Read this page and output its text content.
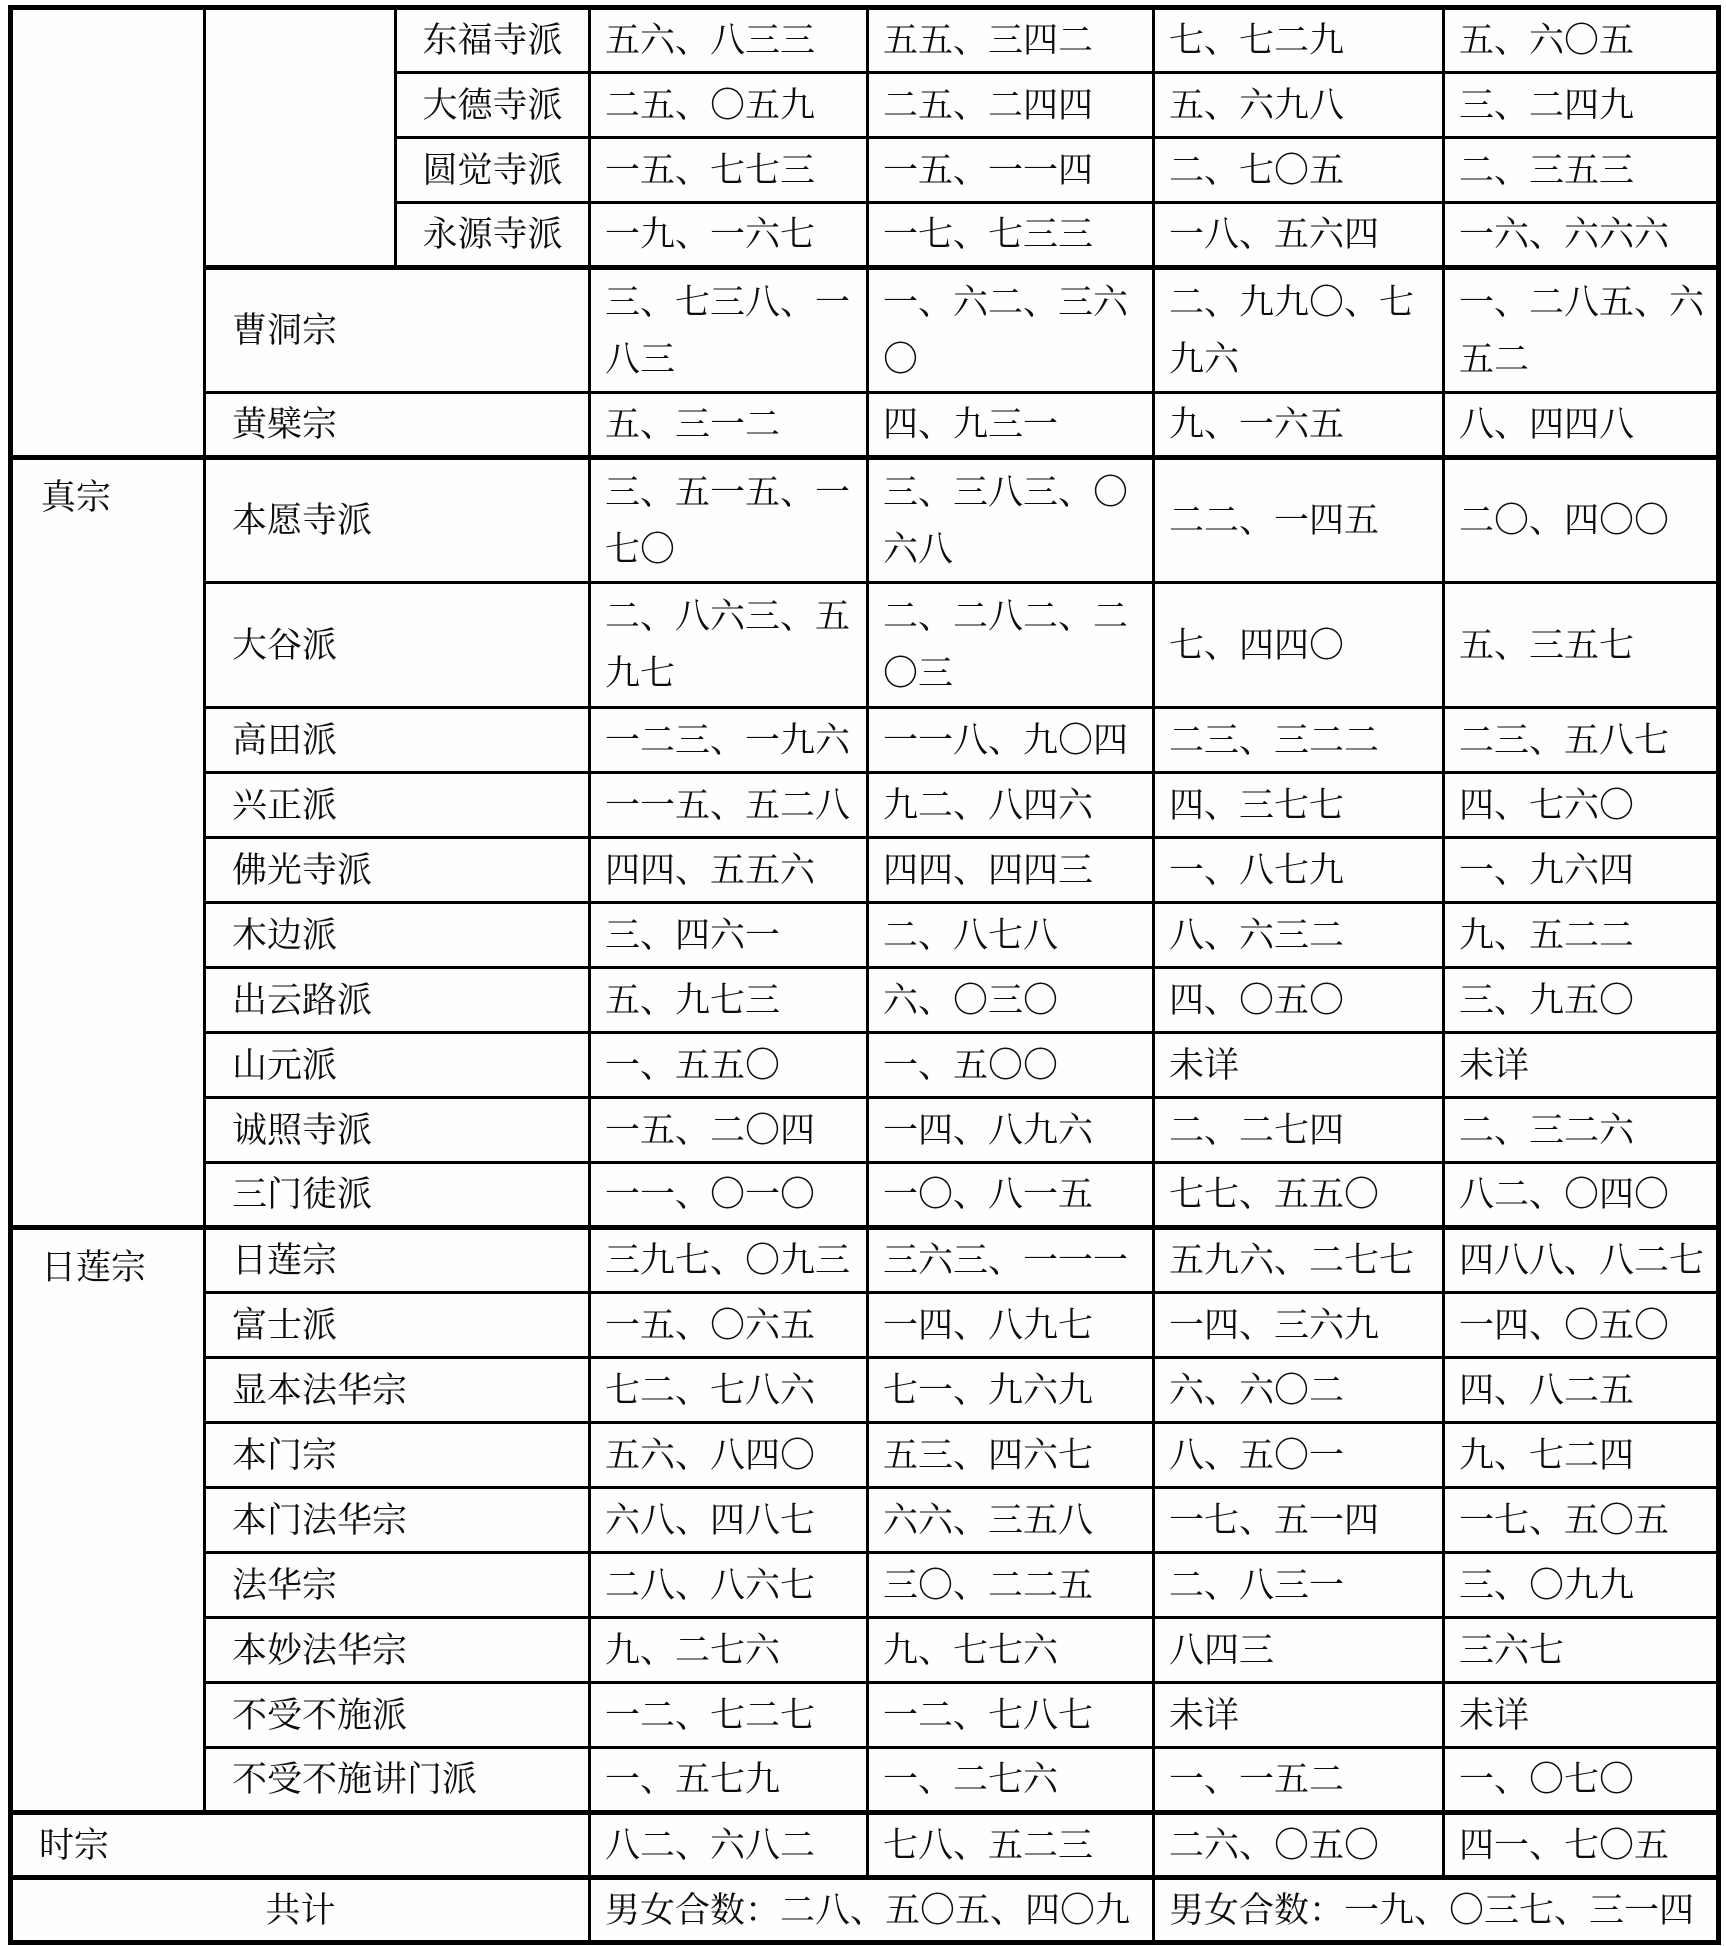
		东福寺派	五六、八三三	五五、三四二	七、七二九	五、六〇五
		大德寺派	二五、〇五九	二五、二四四	五、六九八	三、二四九
		圆觉寺派	一五、七七三	一五、一一四	二、七〇五	二、三五三
		永源寺派	一九、一六七	一七、七三三	一八、五六四	一六、六六六
	曹洞宗		三、七三八、一八三	一、六二、三六〇	二、九九〇、七九六	一、二八五、六五二
	黄檗宗		五、三一二	四、九三一	九、一六五	八、四四八
真宗	本愿寺派		三、五一五、一七〇	三、三八三、〇六八	二二、一四五	二〇、四〇〇
	大谷派		二、八六三、五九七	二、二八二、二〇三	七、四四〇	五、三五七
	高田派		一二三、一九六	一一八、九〇四	二三、三二二	二三、五八七
	兴正派		一一五、五二八	九二、八四六	四、三七七	四、七六〇
	佛光寺派		四四、五五六	四四、四四三	一、八七九	一、九六四
	木边派		三、四六一	二、八七八	八、六三二	九、五二二
	出云路派		五、九七三	六、〇三〇	四、〇五〇	三、九五〇
	山元派		一、五五〇	一、五〇〇	未详	未详
	诚照寺派		一五、二〇四	一四、八九六	二、二七四	二、三二六
	三门徒派		一一、〇一〇	一〇、八一五	七七、五五〇	八二、〇四〇
日莲宗	日莲宗		三九七、〇九三	三六三、一一一	五九六、二七七	四八八、八二七
	富士派		一五、〇六五	一四、八九七	一四、三六九	一四、〇五〇
	显本法华宗		七二、七八六	七一、九六九	六、六〇二	四、八二五
	本门宗		五六、八四〇	五三、四六七	八、五〇一	九、七二四
	本门法华宗		六八、四八七	六六、三五八	一七、五一四	一七、五〇五
	法华宗		二八、八六七	三〇、二二五	二、八三一	三、〇九九
	本妙法华宗		九、二七六	九、七七六	八四三	三六七
	不受不施派		一二、七二七	一二、七八七	未详	未详
	不受不施讲门派		一、五七九	一、二七六	一、一五二	一、〇七〇
时宗			八二、六八二	七八、五二三	二六、〇五〇	四一、七〇五
共计			男女合数：二八、五〇五、四〇九		男女合数：一九、〇三七、三一四	
